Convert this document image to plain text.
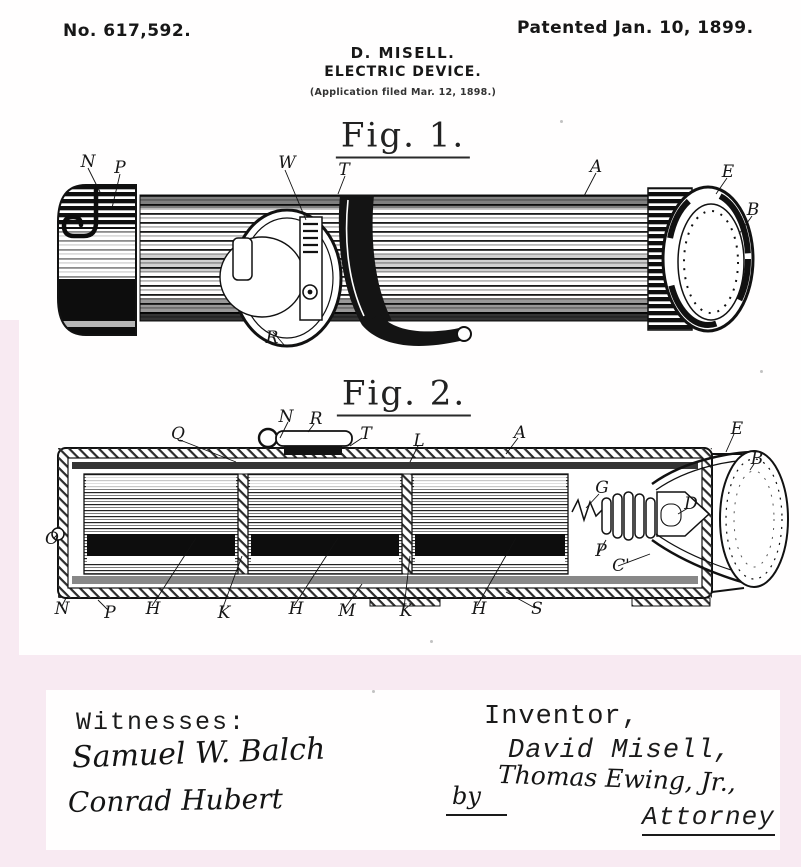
No. 617,592.	Patented Jan. 10, 1899.
D. MISELL.
ELECTRIC DEVICE.
(Application filed Mar. 12, 1898.)
Fig. 1.
Fig. 2.
N P	W	T	A	E
B
R
Q
N R
T L	A	E
B
G
D
O
P
C'
N P H	K	H M	K	H	S
Witnesses:
Samuel W. Balch
Conrad Hubert
Inventor,
David Misell,
by Thomas Ewing, Jr.,
Attorney
